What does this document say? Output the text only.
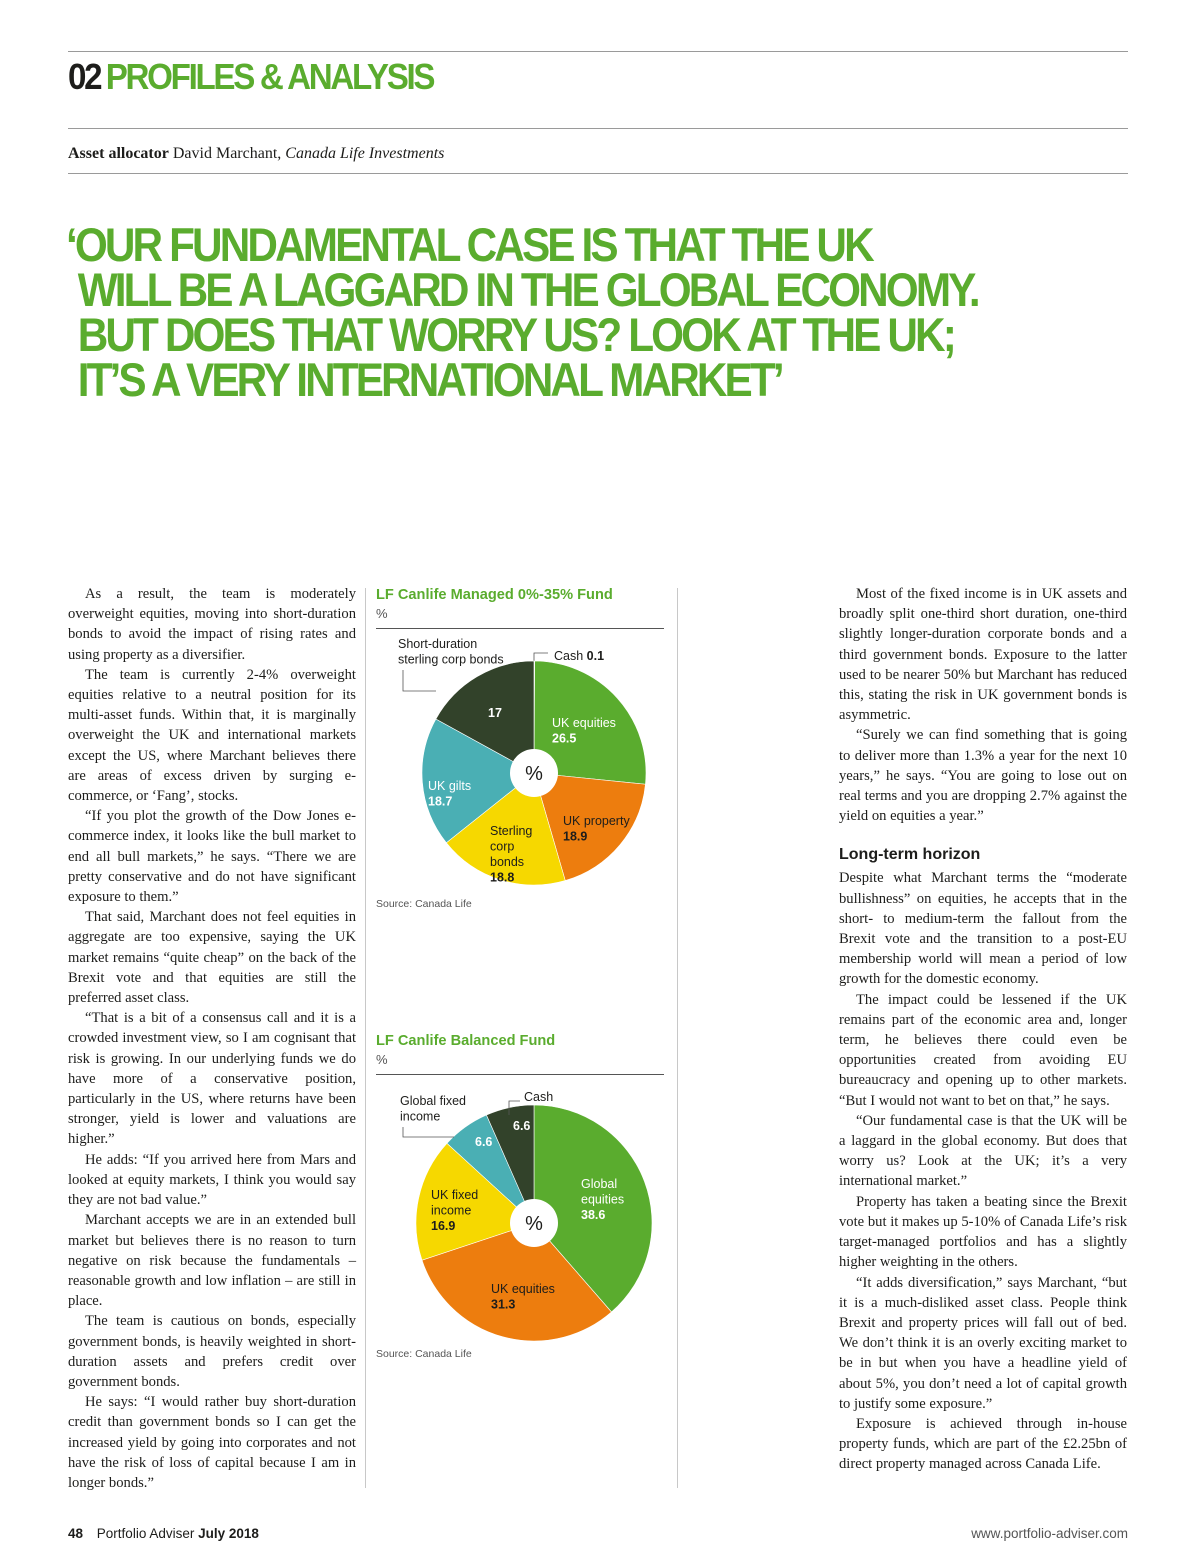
02 PROFILES & ANALYSIS
Asset allocator David Marchant, Canada Life Investments
‘OUR FUNDAMENTAL CASE IS THAT THE UK
WILL BE A LAGGARD IN THE GLOBAL ECONOMY.
BUT DOES THAT WORRY US? LOOK AT THE UK;
IT’S A VERY INTERNATIONAL MARKET’

As a result, the team is moderately overweight equities, moving into short-duration bonds to avoid the impact of rising rates and using property as a diversifier.

The team is currently 2-4% overweight equities relative to a neutral position for its multi-asset funds. Within that, it is marginally overweight the UK and international markets except the US, where Marchant believes there are areas of excess driven by surging e-commerce, or ‘Fang’, stocks.

“If you plot the growth of the Dow Jones e-commerce index, it looks like the bull market to end all bull markets,” he says. “There we are pretty conservative and do not have significant exposure to them.”

That said, Marchant does not feel equities in aggregate are too expensive, saying the UK market remains “quite cheap” on the back of the Brexit vote and that equities are still the preferred asset class.

“That is a bit of a consensus call and it is a crowded investment view, so I am cognisant that risk is growing. In our underlying funds we do have more of a conservative position, particularly in the US, where returns have been stronger, yield is lower and valuations are higher.”

He adds: “If you arrived here from Mars and looked at equity markets, I think you would say they are not bad value.”

Marchant accepts we are in an extended bull market but believes there is no reason to turn negative on risk because the fundamentals – reasonable growth and low inflation – are still in place.

The team is cautious on bonds, especially government bonds, is heavily weighted in short-duration assets and prefers credit over government bonds.

He says: “I would rather buy short-duration credit than government bonds so I can get the increased yield by going into corporates and not have the risk of loss of capital because I am in longer bonds.”

LF Canlife Managed 0%-35% Fund

%

Cash 0.1
UK equities
26.5
UK property
18.9
Sterling
corp
bonds
18.8
UK gilts
18.7
Short-duration
sterling corp bonds
17
%
Source: Canada Life

LF Canlife Balanced Fund

%

Global
equities
38.6
UK equities
31.3
UK fixed
income
16.9
Global fixed
income
6.6
Cash
6.6
%
Source: Canada Life

Most of the fixed income is in UK assets and broadly split one-third short duration, one-third slightly longer-duration corporate bonds and a third government bonds. Exposure to the latter used to be nearer 50% but Marchant has reduced this, stating the risk in UK government bonds is asymmetric.

“Surely we can find something that is going to deliver more than 1.3% a year for the next 10 years,” he says. “You are going to lose out on real terms and you are dropping 2.7% against the yield on equities a year.”

Long-term horizon

Despite what Marchant terms the “moderate bullishness” on equities, he accepts that in the short- to medium-term the fallout from the Brexit vote and the transition to a post-EU membership world will mean a period of low growth for the domestic economy.

The impact could be lessened if the UK remains part of the economic area and, longer term, he believes there could even be opportunities created from avoiding EU bureaucracy and opening up to other markets. “But I would not want to bet on that,” he says.

“Our fundamental case is that the UK will be a laggard in the global economy. But does that worry us? Look at the UK; it’s a very international market.”

Property has taken a beating since the Brexit vote but it makes up 5-10% of Canada Life’s risk target-managed portfolios and has a slightly higher weighting in the others.

“It adds diversification,” says Marchant, “but it is a much-disliked asset class. People think Brexit and property prices will fall out of bed. We don’t think it is an overly exciting market to be in but when you have a headline yield of about 5%, you don’t need a lot of capital growth to justify some exposure.”

Exposure is achieved through in-house property funds, which are part of the £2.25bn of direct property managed across Canada Life.

48 Portfolio Adviser July 2018	www.portfolio-adviser.com
